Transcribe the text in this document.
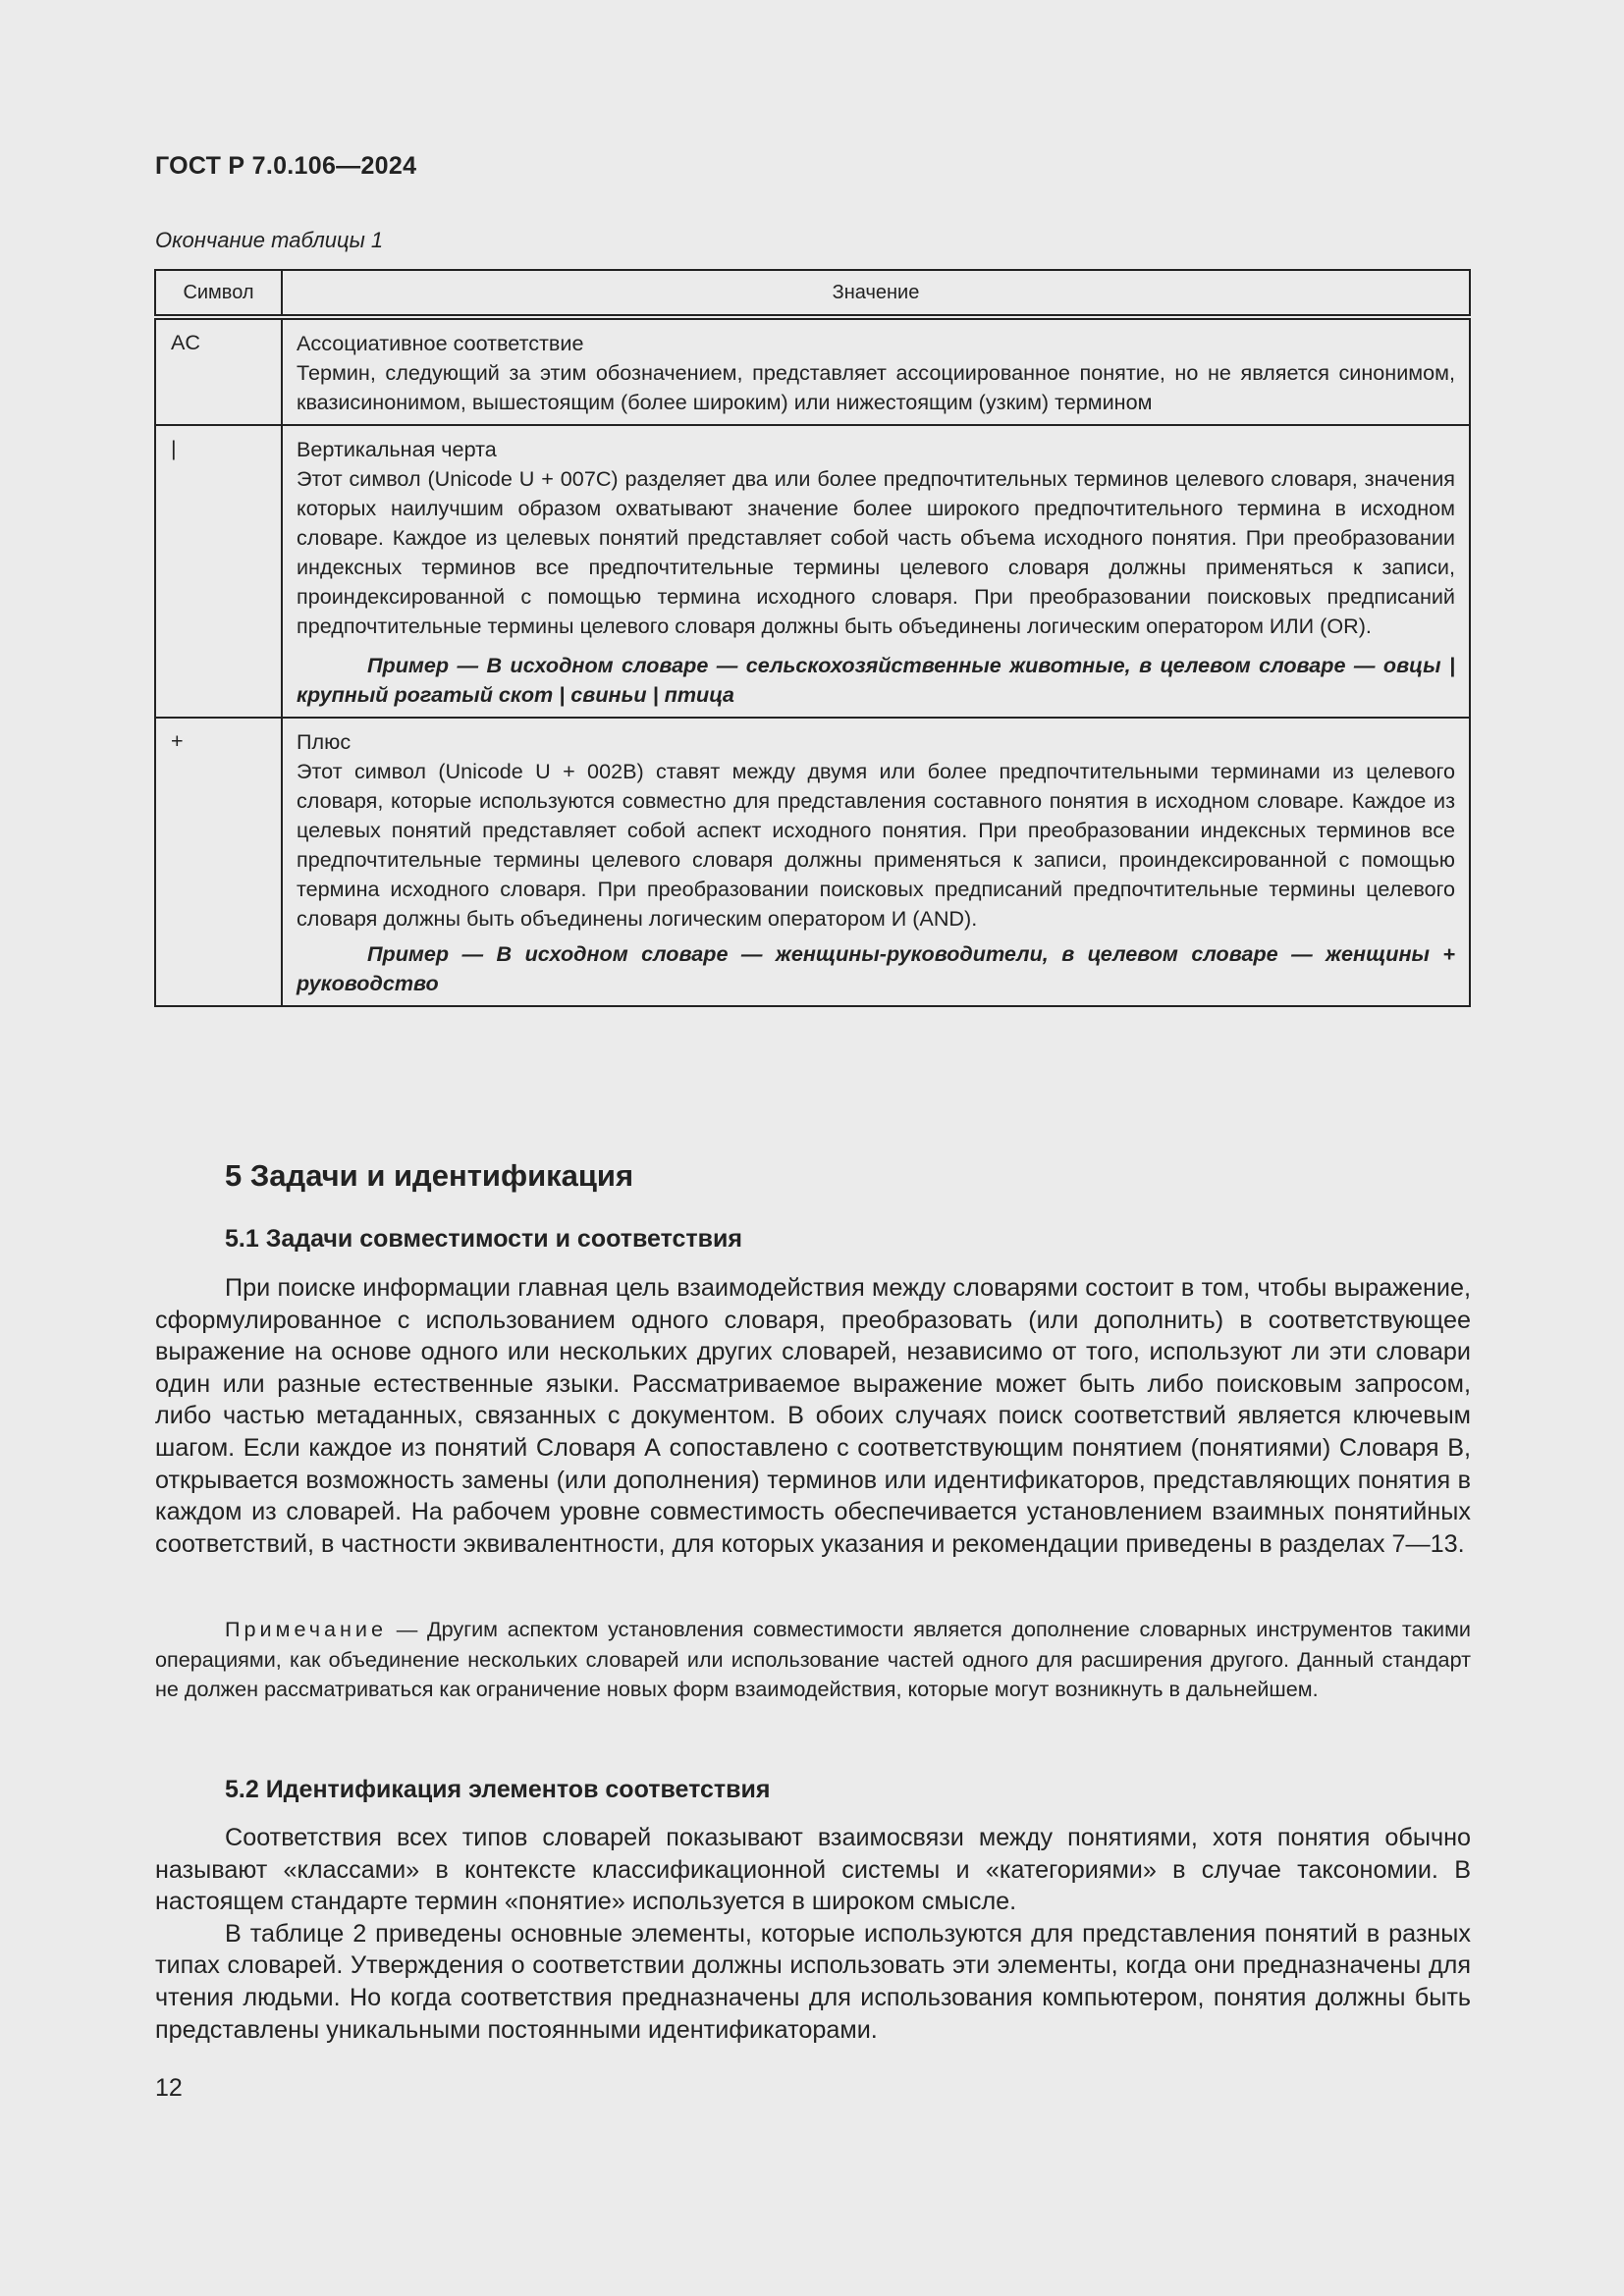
ГОСТ Р 7.0.106—2024
Окончание таблицы 1
Символ	Значение
AC	Ассоциативное соответствие
Термин, следующий за этим обозначением, представляет ассоциированное понятие, но не является синонимом, квазисинонимом, вышестоящим (более широким) или нижестоящим (узким) термином

|	Вертикальная черта
Этот символ (Unicode U + 007C) разделяет два или более предпочтительных терминов целевого словаря, значения которых наилучшим образом охватывают значение более широкого предпочтительного термина в исходном словаре. Каждое из целевых понятий представляет собой часть объема исходного понятия. При преобразовании индексных терминов все предпочтительные термины целевого словаря должны применяться к записи, проиндексированной с помощью термина исходного словаря. При преобразовании поисковых предписаний предпочтительные термины целевого словаря должны быть объединены логическим оператором ИЛИ (OR).
Пример — В исходном словаре — сельскохозяйственные животные, в целевом словаре — овцы | крупный рогатый скот | свиньи | птица

+	Плюс
Этот символ (Unicode U + 002B) ставят между двумя или более предпочтительными терминами из целевого словаря, которые используются совместно для представления составного понятия в исходном словаре. Каждое из целевых понятий представляет собой аспект исходного понятия. При преобразовании индексных терминов все предпочтительные термины целевого словаря должны применяться к записи, проиндексированной с помощью термина исходного словаря. При преобразовании поисковых предписаний предпочтительные термины целевого словаря должны быть объединены логическим оператором И (AND).
Пример — В исходном словаре — женщины-руководители, в целевом словаре — женщины + руководство
5 Задачи и идентификация
5.1 Задачи совместимости и соответствия

При поиске информации главная цель взаимодействия между словарями состоит в том, чтобы выражение, сформулированное с использованием одного словаря, преобразовать (или дополнить) в соответствующее выражение на основе одного или нескольких других словарей, независимо от того, используют ли эти словари один или разные естественные языки. Рассматриваемое выражение может быть либо поисковым запросом, либо частью метаданных, связанных с документом. В обоих случаях поиск соответствий является ключевым шагом. Если каждое из понятий Словаря А сопоставлено с соответствующим понятием (понятиями) Словаря В, открывается возможность замены (или дополнения) терминов или идентификаторов, представляющих понятия в каждом из словарей. На рабочем уровне совместимость обеспечивается установлением взаимных понятийных соответствий, в частности эквивалентности, для которых указания и рекомендации приведены в разделах 7—13.

Примечание — Другим аспектом установления совместимости является дополнение словарных инструментов такими операциями, как объединение нескольких словарей или использование частей одного для расширения другого. Данный стандарт не должен рассматриваться как ограничение новых форм взаимодействия, которые могут возникнуть в дальнейшем.
5.2 Идентификация элементов соответствия

Соответствия всех типов словарей показывают взаимосвязи между понятиями, хотя понятия обычно называют «классами» в контексте классификационной системы и «категориями» в случае таксономии. В настоящем стандарте термин «понятие» используется в широком смысле.

В таблице 2 приведены основные элементы, которые используются для представления понятий в разных типах словарей. Утверждения о соответствии должны использовать эти элементы, когда они предназначены для чтения людьми. Но когда соответствия предназначены для использования компьютером, понятия должны быть представлены уникальными постоянными идентификаторами.

12
